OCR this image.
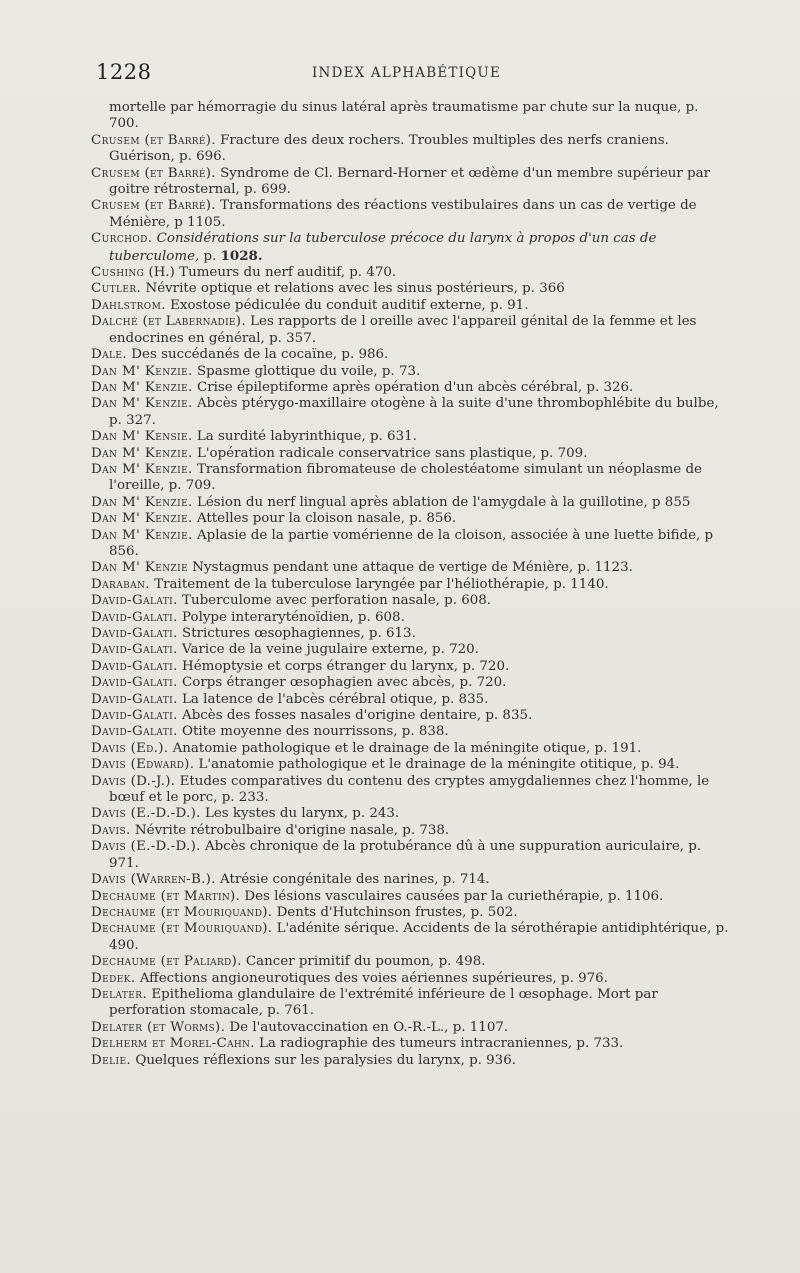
1228	INDEX ALPHABÉTIQUE

mortelle par hémorragie du sinus latéral après traumatisme par chute sur la nuque, p. 700.

Crusem (et Barré). Fracture des deux rochers. Troubles multiples des nerfs craniens. Guérison, p. 696.

Crusem (et Barré). Syndrome de Cl. Bernard-Horner et œdème d'un membre supérieur par goitre rétrosternal, p. 699.

Crusem (et Barré). Transformations des réactions vestibulaires dans un cas de vertige de Ménière, p 1105.

Curchod. Considérations sur la tuberculose précoce du larynx à propos d'un cas de tuberculome, p. 1028.

Cushing (H.) Tumeurs du nerf auditif, p. 470.

Cutler. Névrite optique et relations avec les sinus postérieurs, p. 366

Dahlstrom. Exostose pédiculée du conduit auditif externe, p. 91.

Dalché (et Labernadie). Les rapports de l oreille avec l'appareil génital de la femme et les endocrines en général, p. 357.

Dale. Des succédanés de la cocaïne, p. 986.

Dan M' Kenzie. Spasme glottique du voile, p. 73.

Dan M' Kenzie. Crise épileptiforme après opération d'un abcès cérébral, p. 326.

Dan M' Kenzie. Abcès ptérygo-maxillaire otogène à la suite d'une thrombophlébite du bulbe, p. 327.

Dan M' Kensie. La surdité labyrinthique, p. 631.

Dan M' Kenzie. L'opération radicale conservatrice sans plastique, p. 709.

Dan M' Kenzie. Transformation fibromateuse de cholestéatome simulant un néoplasme de l'oreille, p. 709.

Dan M' Kenzie. Lésion du nerf lingual après ablation de l'amygdale à la guillotine, p 855

Dan M' Kenzie. Attelles pour la cloison nasale, p. 856.

Dan M' Kenzie. Aplasie de la partie vomérienne de la cloison, associée à une luette bifide, p 856.

Dan M' Kenzie Nystagmus pendant une attaque de vertige de Ménière, p. 1123.

Daraban. Traitement de la tuberculose laryngée par l'héliothérapie, p. 1140.

David-Galati. Tuberculome avec perforation nasale, p. 608.

David-Galati. Polype interaryténoïdien, p. 608.

David-Galati. Strictures œsophagiennes, p. 613.

David-Galati. Varice de la veine jugulaire externe, p. 720.

David-Galati. Hémoptysie et corps étranger du larynx, p. 720.

David-Galati. Corps étranger œsophagien avec abcès, p. 720.

David-Galati. La latence de l'abcès cérébral otique, p. 835.

David-Galati. Abcès des fosses nasales d'origine dentaire, p. 835.

David-Galati. Otite moyenne des nourrissons, p. 838.

Davis (Ed.). Anatomie pathologique et le drainage de la méningite otique, p. 191.

Davis (Edward). L'anatomie pathologique et le drainage de la méningite otitique, p. 94.

Davis (D.-J.). Etudes comparatives du contenu des cryptes amygdaliennes chez l'homme, le bœuf et le porc, p. 233.

Davis (E.-D.-D.). Les kystes du larynx, p. 243.

Davis. Névrite rétrobulbaire d'origine nasale, p. 738.

Davis (E.-D.-D.). Abcès chronique de la protubérance dû à une suppuration auriculaire, p. 971.

Davis (Warren-B.). Atrésie congénitale des narines, p. 714.

Dechaume (et Martin). Des lésions vasculaires causées par la curiethérapie, p. 1106.

Dechaume (et Mouriquand). Dents d'Hutchinson frustes, p. 502.

Dechaume (et Mouriquand). L'adénite sérique. Accidents de la sérothérapie antidiphtérique, p. 490.

Dechaume (et Paliard). Cancer primitif du poumon, p. 498.

Dedek. Affections angioneurotiques des voies aériennes supérieures, p. 976.

Delater. Epithelioma glandulaire de l'extrémité inférieure de l œsophage. Mort par perforation stomacale, p. 761.

Delater (et Worms). De l'autovaccination en O.-R.-L., p. 1107.

Delherm et Morel-Cahn. La radiographie des tumeurs intracraniennes, p. 733.

Delie. Quelques réflexions sur les paralysies du larynx, p. 936.
